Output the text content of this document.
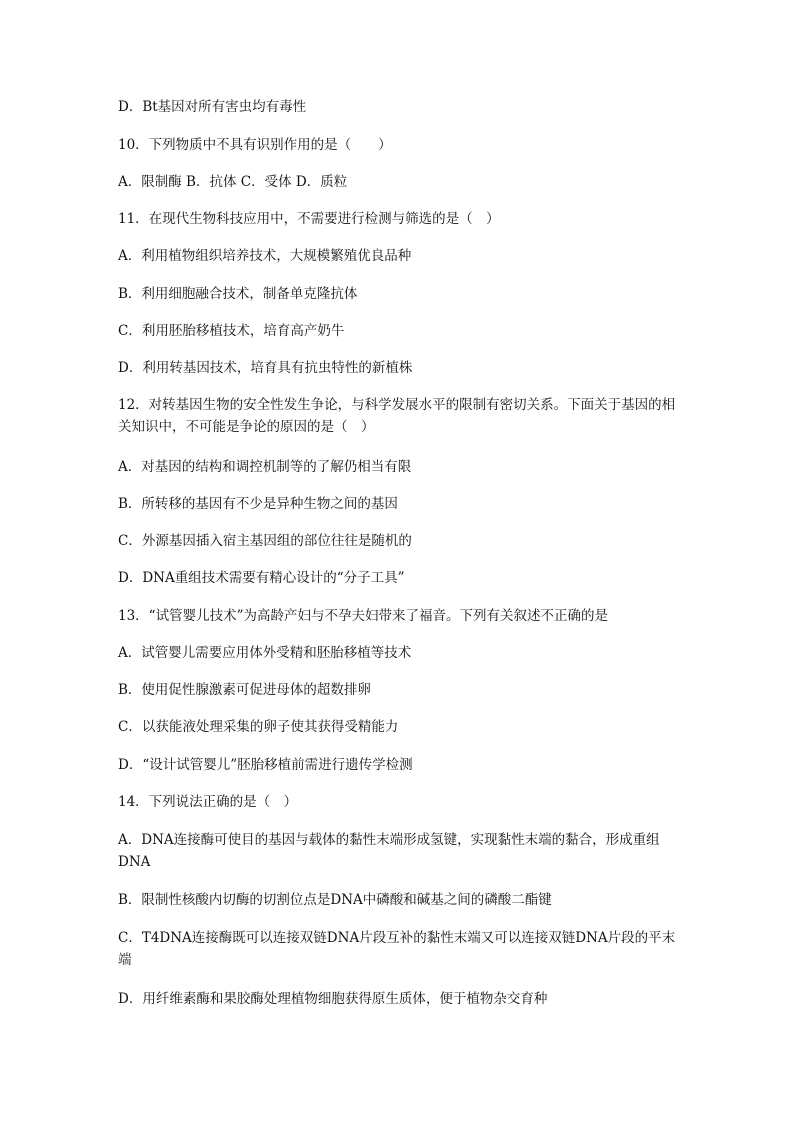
D．Bt基因对所有害虫均有毒性
10．下列物质中不具有识别作用的是（　　）
A．限制酶 B．抗体 C．受体 D．质粒
11．在现代生物科技应用中，不需要进行检测与筛选的是（　）
A．利用植物组织培养技术，大规模繁殖优良品种
B．利用细胞融合技术，制备单克隆抗体
C．利用胚胎移植技术，培育高产奶牛
D．利用转基因技术，培育具有抗虫特性的新植株
12．对转基因生物的安全性发生争论，与科学发展水平的限制有密切关系。下面关于基因的相关知识中，不可能是争论的原因的是（　）
A．对基因的结构和调控机制等的了解仍相当有限
B．所转移的基因有不少是异种生物之间的基因
C．外源基因插入宿主基因组的部位往往是随机的
D．DNA重组技术需要有精心设计的“分子工具”
13．“试管婴儿技术”为高龄产妇与不孕夫妇带来了福音。下列有关叙述不正确的是
A．试管婴儿需要应用体外受精和胚胎移植等技术
B．使用促性腺激素可促进母体的超数排卵
C．以获能液处理采集的卵子使其获得受精能力
D．“设计试管婴儿”胚胎移植前需进行遗传学检测
14．下列说法正确的是（　）
A．DNA连接酶可使目的基因与载体的黏性末端形成氢键，实现黏性末端的黏合，形成重组DNA
B．限制性核酸内切酶的切割位点是DNA中磷酸和碱基之间的磷酸二酯键
C．T4DNA连接酶既可以连接双链DNA片段互补的黏性末端又可以连接双链DNA片段的平末端
D．用纤维素酶和果胶酶处理植物细胞获得原生质体，便于植物杂交育种
